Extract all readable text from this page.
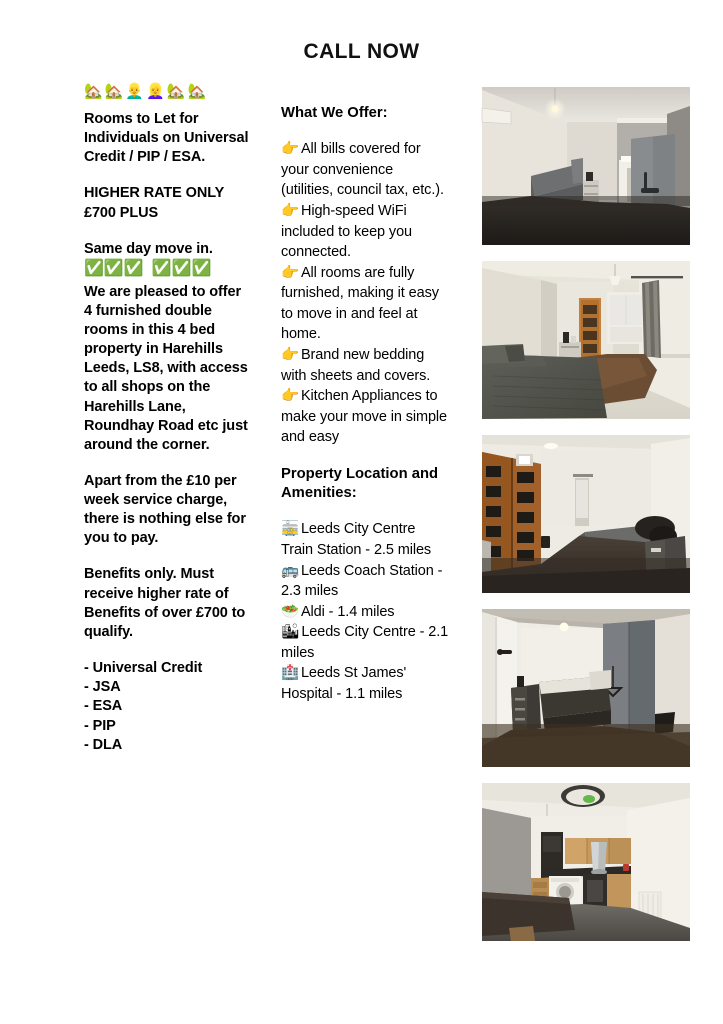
CALL NOW
🏡🏡👱‍♂️👱‍♀️🏡🏡
Rooms to Let for Individuals on Universal Credit / PIP / ESA.
HIGHER RATE ONLY £700 PLUS
Same day move in.
✅✅✅ ✅✅✅
We are pleased to offer 4 furnished double rooms in this 4 bed property in Harehills Leeds, LS8, with access to all shops on the Harehills Lane, Roundhay Road etc just around the corner.
Apart from the £10 per week service charge, there is nothing else for you to pay.
Benefits only. Must receive higher rate of Benefits of over £700 to qualify.
- Universal Credit
- JSA
- ESA
- PIP
- DLA
What We Offer:
👉 All bills covered for your convenience (utilities, council tax, etc.).
👉 High-speed WiFi included to keep you connected.
👉 All rooms are fully furnished, making it easy to move in and feel at home.
👉 Brand new bedding with sheets and covers.
👉 Kitchen Appliances to make your move in simple and easy
Property Location and Amenities:
🚋 Leeds City Centre Train Station - 2.5 miles
🚌 Leeds Coach Station - 2.3 miles
🥗 Aldi - 1.4 miles
🏙 Leeds City Centre - 2.1 miles
🏥 Leeds St James' Hospital - 1.1 miles
